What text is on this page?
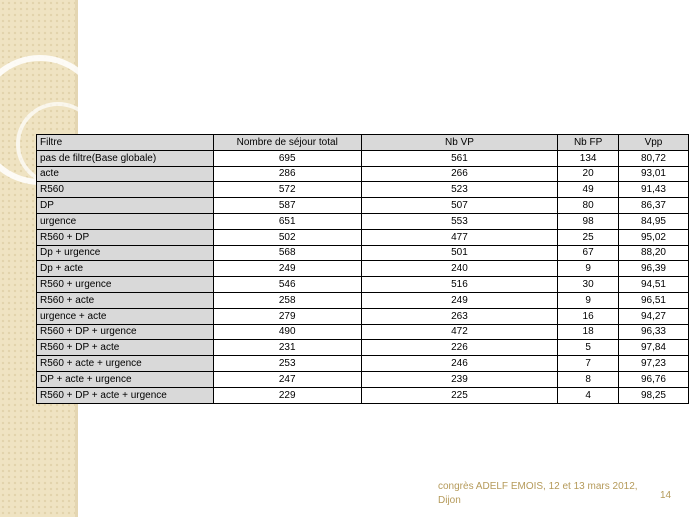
Filtre	Nombre de séjour total	Nb VP	Nb FP	Vpp
pas de filtre(Base globale)	695	561	134	80,72
acte	286	266	20	93,01
R560	572	523	49	91,43
DP	587	507	80	86,37
urgence	651	553	98	84,95
R560 + DP	502	477	25	95,02
Dp + urgence	568	501	67	88,20
Dp + acte	249	240	9	96,39
R560 + urgence	546	516	30	94,51
R560 + acte	258	249	9	96,51
urgence + acte	279	263	16	94,27
R560 + DP + urgence	490	472	18	96,33
R560 + DP + acte	231	226	5	97,84
R560 + acte + urgence	253	246	7	97,23
DP + acte + urgence	247	239	8	96,76
R560 + DP + acte + urgence	229	225	4	98,25
congrès ADELF EMOIS, 12 et 13 mars 2012, Dijon	14
